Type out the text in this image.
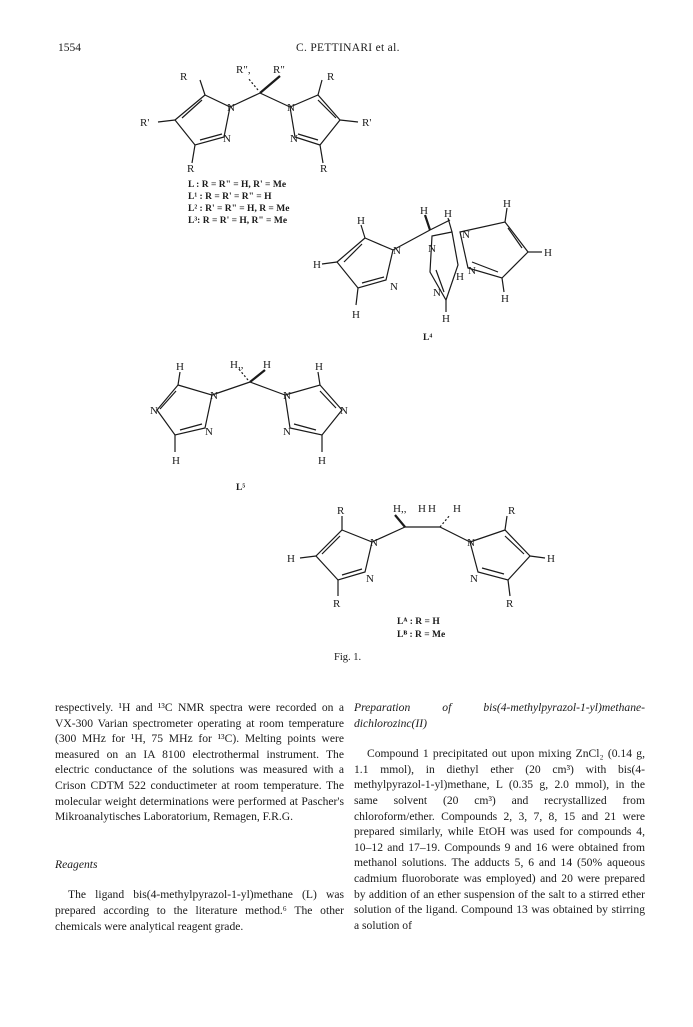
1554	C. PETTINARI et al.
R	R
R", R"
N	N
N	N
R'	R'
R	R
H
H H
H
N N
N
N
H
N	N
H
H
H	H
H
H	H,, H	H
N	N
N	N
N	N
H	H
R	H,, H H H	R
N	N
H	H
N	N
R	R
L : R = R" = H, R' = Me
L¹ : R = R' = R" = H
L² : R' = R" = H, R = Me
L³: R = R' = H, R" = Me
L⁴
L⁵
Lᴬ : R = H
Lᴮ : R = Me
Fig. 1.

respectively. ¹H and ¹³C NMR spectra were recorded on a VX-300 Varian spectrometer operating at room temperature (300 MHz for ¹H, 75 MHz for ¹³C). Melting points were measured on an IA 8100 electrothermal instrument. The electric conductance of the solutions was measured with a Crison CDTM 522 conductimeter at room temperature. The molecular weight determinations were performed at Pascher's Mikroanalytisches Laboratorium, Remagen, F.R.G.

Reagents

The ligand bis(4-methylpyrazol-1-yl)methane (L) was prepared according to the literature method.⁶ The other chemicals were analytical reagent grade.

Preparation of bis(4-methylpyrazol-1-yl)methane-dichlorozinc(II)

Compound 1 precipitated out upon mixing ZnCl₂ (0.14 g, 1.1 mmol), in diethyl ether (20 cm³) with bis(4-methylpyrazol-1-yl)methane, L (0.35 g, 2.0 mmol), in the same solvent (20 cm³) and recrystallized from chloroform/ether. Compounds 2, 3, 7, 8, 15 and 21 were prepared similarly, while EtOH was used for compounds 4, 10–12 and 17–19. Compounds 9 and 16 were obtained from methanol solutions. The adducts 5, 6 and 14 (50% aqueous cadmium fluoroborate was employed) and 20 were prepared by addition of an ether suspension of the salt to a stirred ether solution of the ligand. Compound 13 was obtained by stirring a solution of
